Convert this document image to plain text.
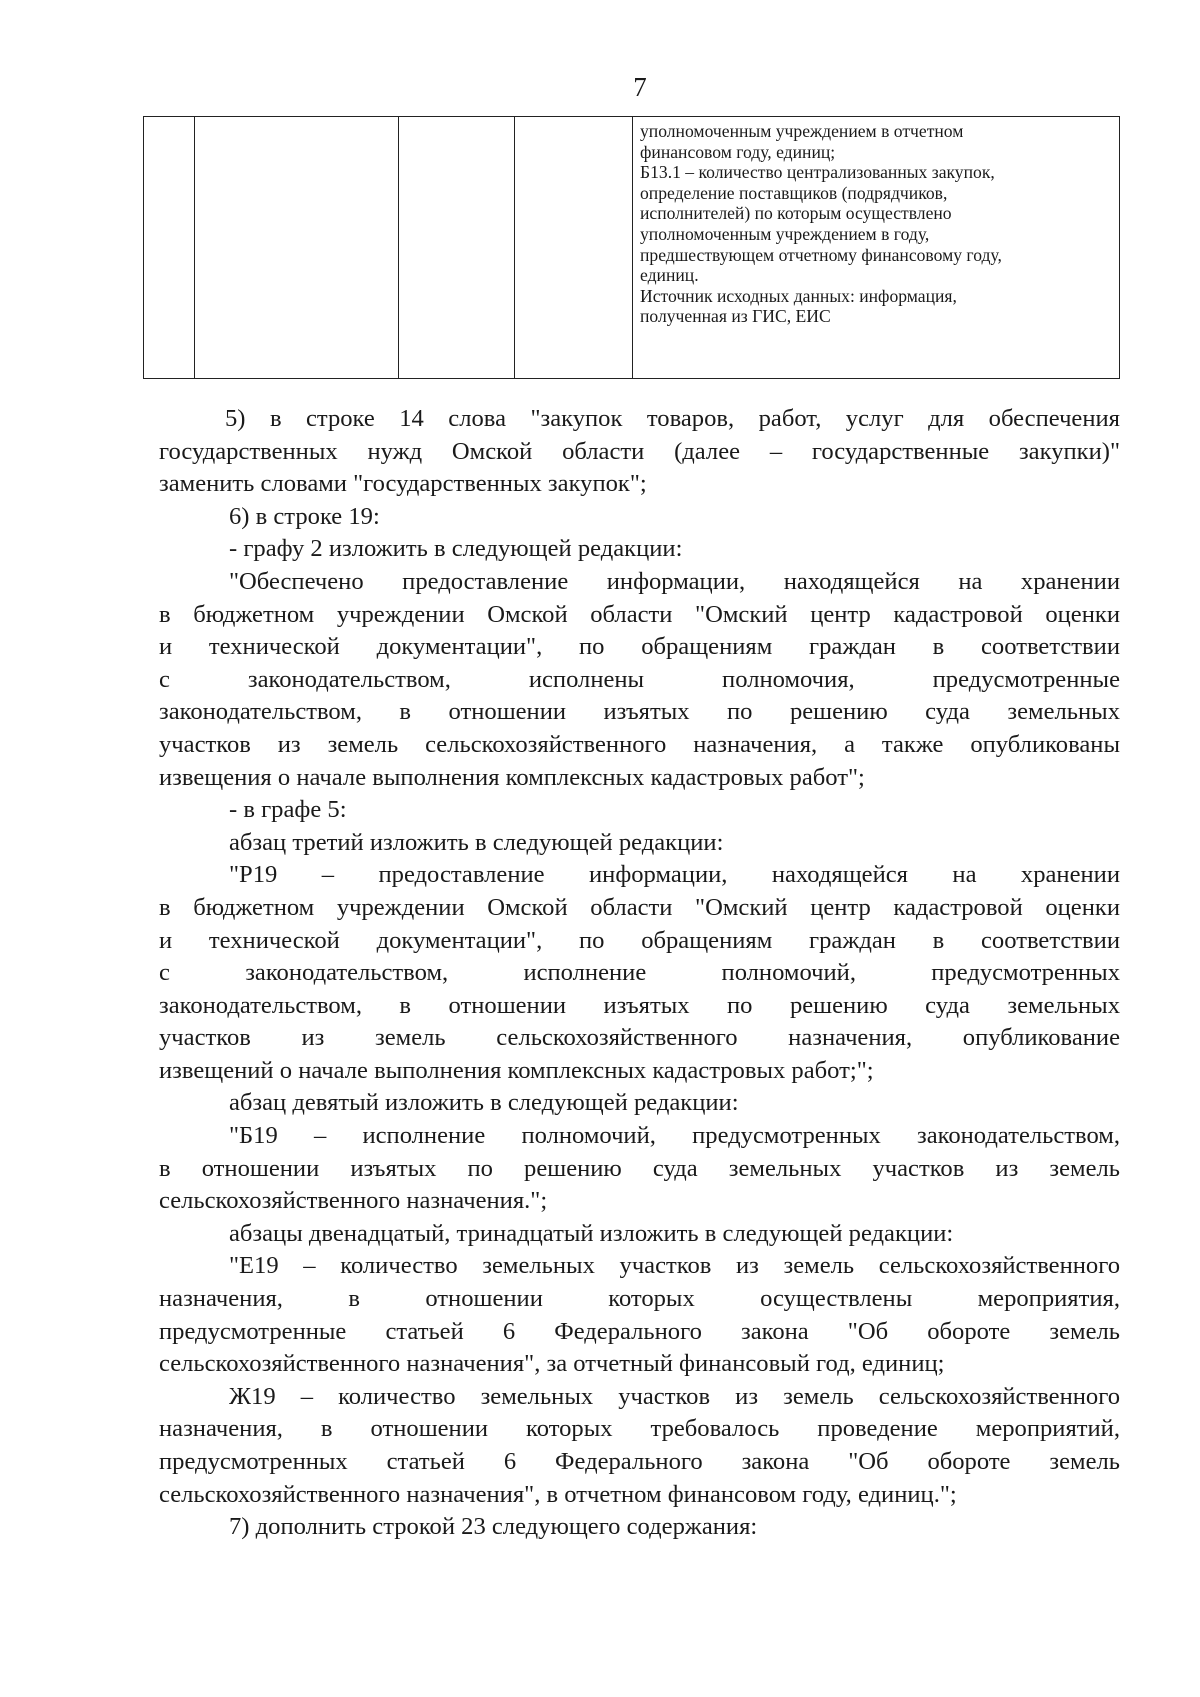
7

уполномоченным учреждением в отчетном
финансовом году, единиц;
Б13.1 – количество централизованных закупок,
определение поставщиков (подрядчиков,
исполнителей) по которым осуществлено
уполномоченным учреждением в году,
предшествующем отчетному финансовому году,
единиц.
Источник исходных данных: информация,
полученная из ГИС, ЕИС
5) в строке 14 слова "закупок товаров, работ, услуг для обеспечения
государственных нужд Омской области (далее – государственные закупки)"
заменить словами "государственных закупок";
6) в строке 19:
- графу 2 изложить в следующей редакции:
"Обеспечено предоставление информации, находящейся на хранении
в бюджетном учреждении Омской области "Омский центр кадастровой оценки
и технической документации", по обращениям граждан в соответствии
с законодательством, исполнены полномочия, предусмотренные
законодательством, в отношении изъятых по решению суда земельных
участков из земель сельскохозяйственного назначения, а также опубликованы
извещения о начале выполнения комплексных кадастровых работ";
- в графе 5:
абзац третий изложить в следующей редакции:
"Р19 – предоставление информации, находящейся на хранении
в бюджетном учреждении Омской области "Омский центр кадастровой оценки
и технической документации", по обращениям граждан в соответствии
с законодательством, исполнение полномочий, предусмотренных
законодательством, в отношении изъятых по решению суда земельных
участков из земель сельскохозяйственного назначения, опубликование
извещений о начале выполнения комплексных кадастровых работ;";
абзац девятый изложить в следующей редакции:
"Б19 – исполнение полномочий, предусмотренных законодательством,
в отношении изъятых по решению суда земельных участков из земель
сельскохозяйственного назначения.";
абзацы двенадцатый, тринадцатый изложить в следующей редакции:
"Е19 – количество земельных участков из земель сельскохозяйственного
назначения, в отношении которых осуществлены мероприятия,
предусмотренные статьей 6 Федерального закона "Об обороте земель
сельскохозяйственного назначения", за отчетный финансовый год, единиц;
Ж19 – количество земельных участков из земель сельскохозяйственного
назначения, в отношении которых требовалось проведение мероприятий,
предусмотренных статьей 6 Федерального закона "Об обороте земель
сельскохозяйственного назначения", в отчетном финансовом году, единиц.";
7) дополнить строкой 23 следующего содержания:
